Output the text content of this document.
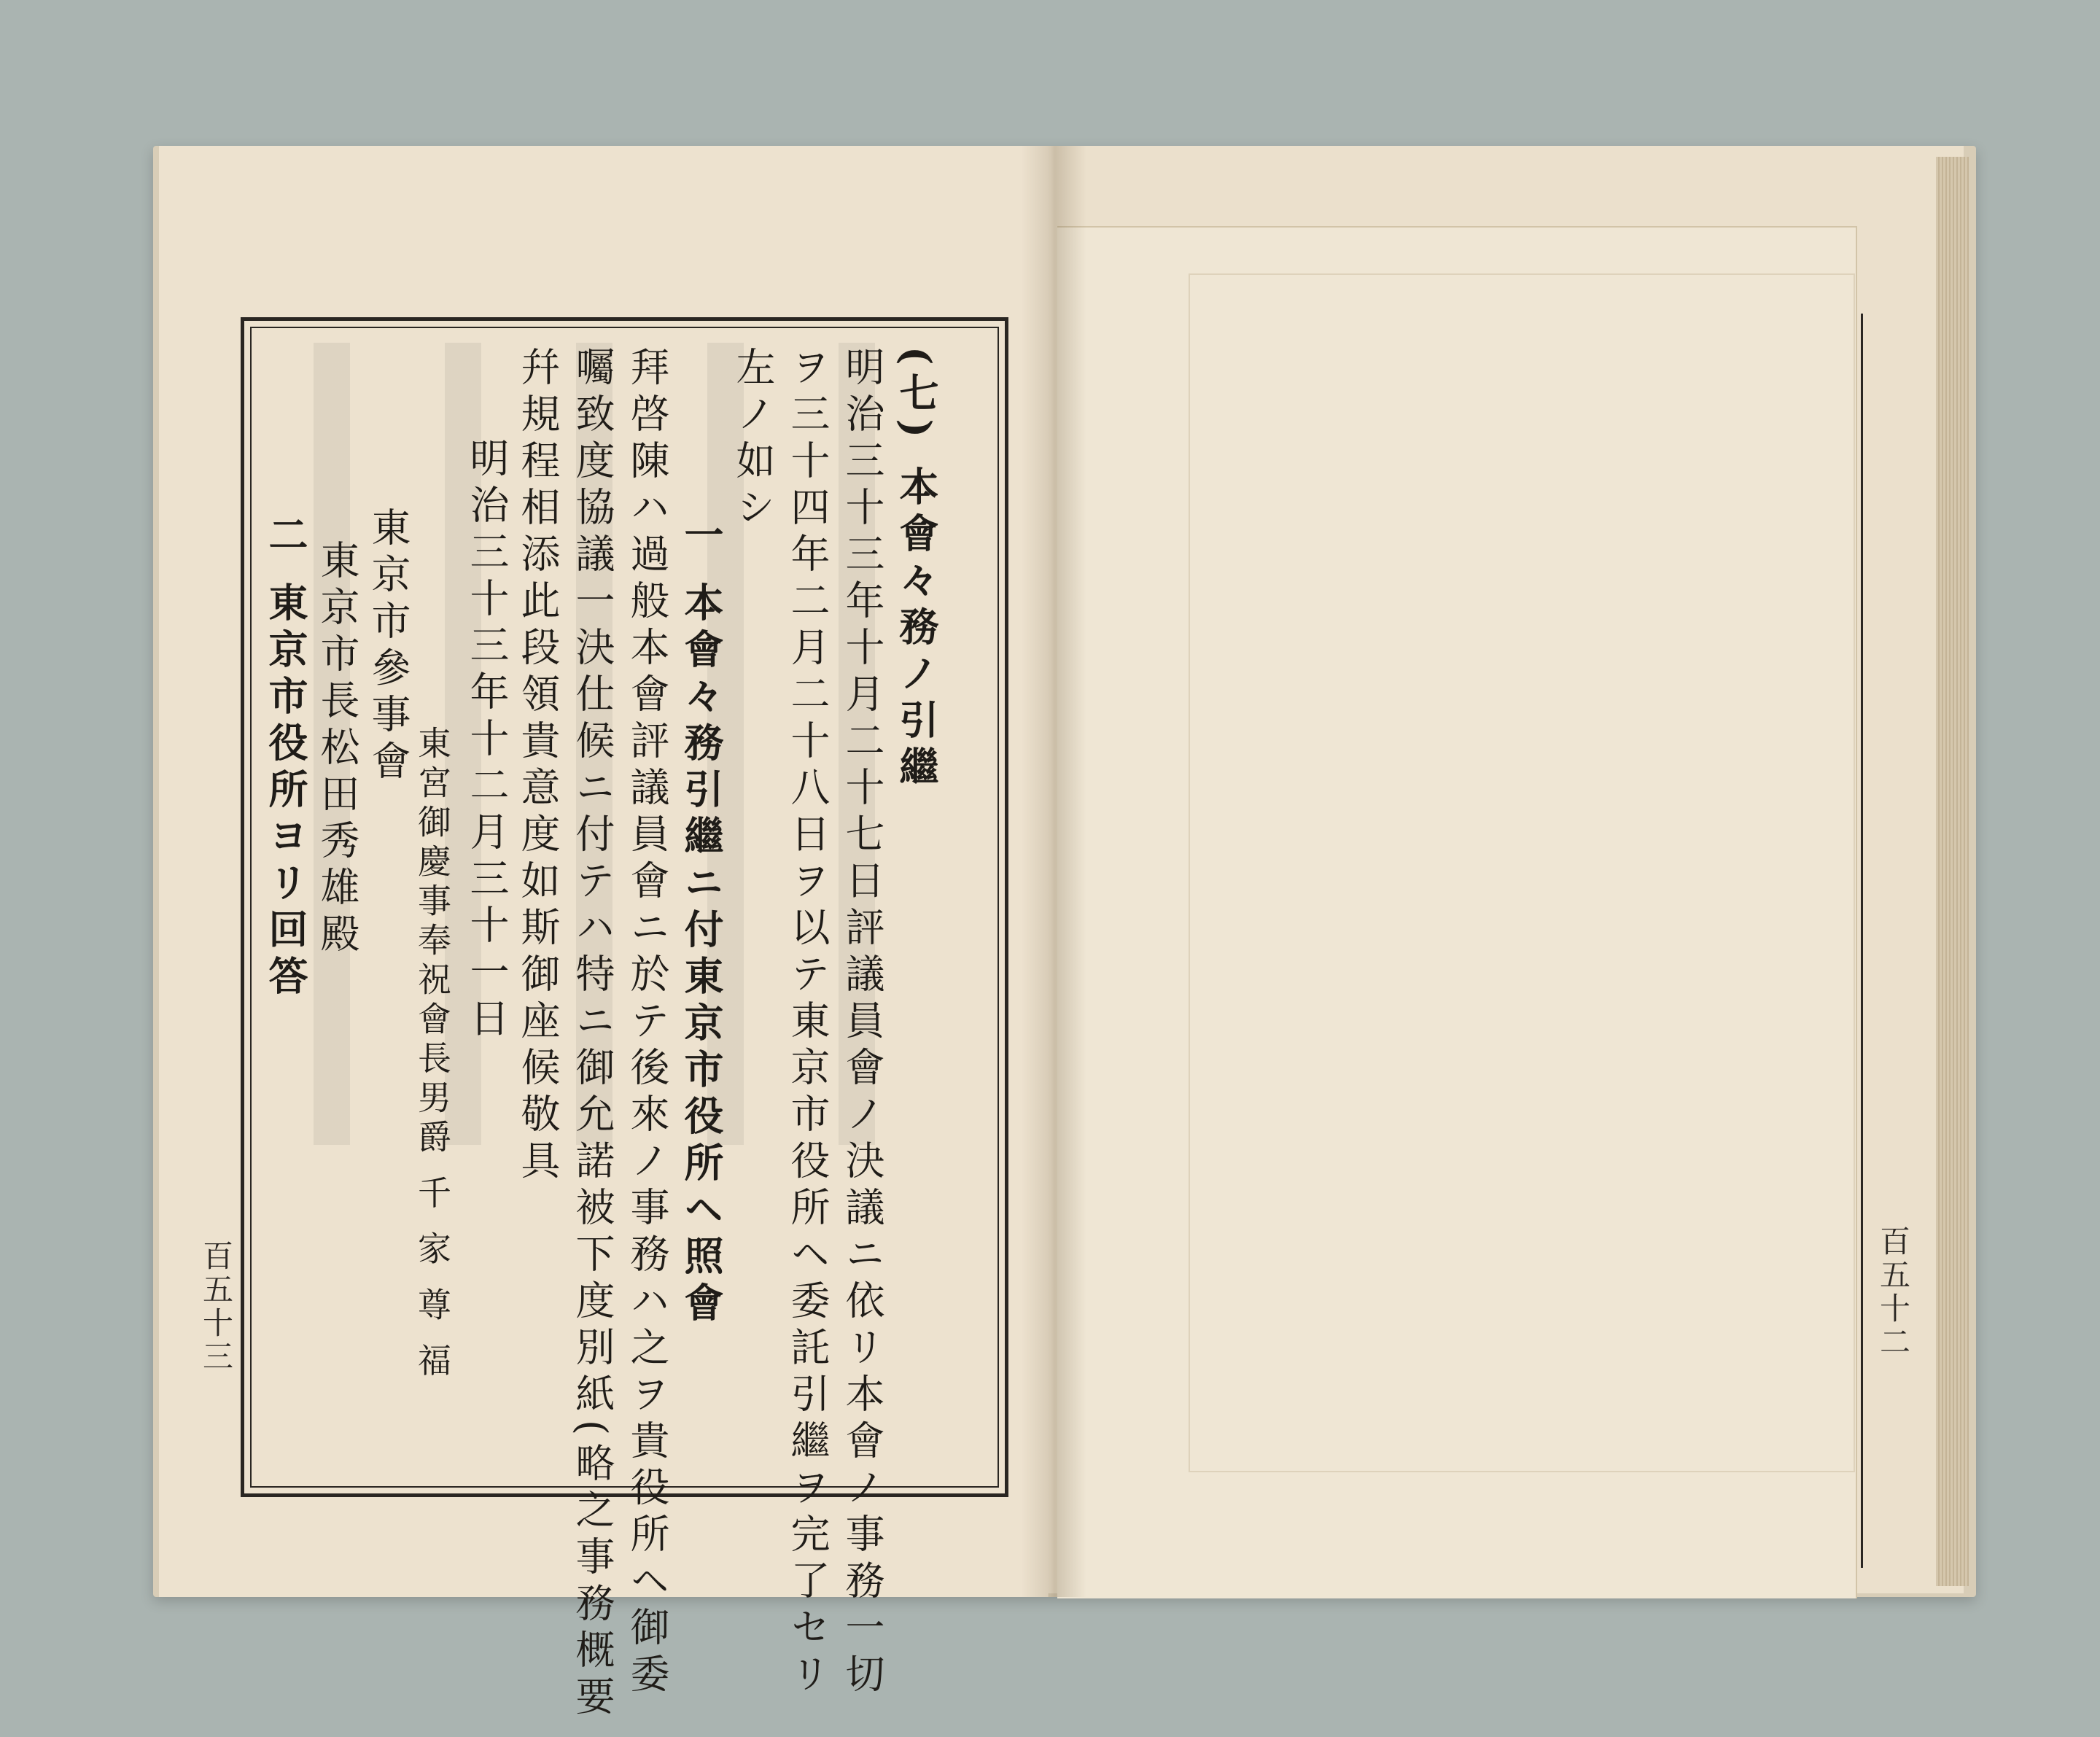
(七) 本會々務ノ引繼
明治三十三年十月二十七日評議員會ノ決議ニ依リ本會ノ事務一切
ヲ三十四年二月二十八日ヲ以テ東京市役所ヘ委託引繼ヲ完了セリ
左ノ如シ
一 本會々務引繼ニ付東京市役所ヘ照會
拜啓陳ハ過般本會評議員會ニ於テ後來ノ事務ハ之ヲ貴役所ヘ御委
囑致度協議一決仕候ニ付テハ特ニ御允諾被下度別紙(略之事務概要
幷規程相添此段領貴意度如斯御座候敬具
明治三十三年十二月三十一日
東宮御慶事奉祝會長男爵 千 家 尊 福
東京市參事會
東京市長松田秀雄殿
二 東京市役所ヨリ回答
百五十三	百五十二
